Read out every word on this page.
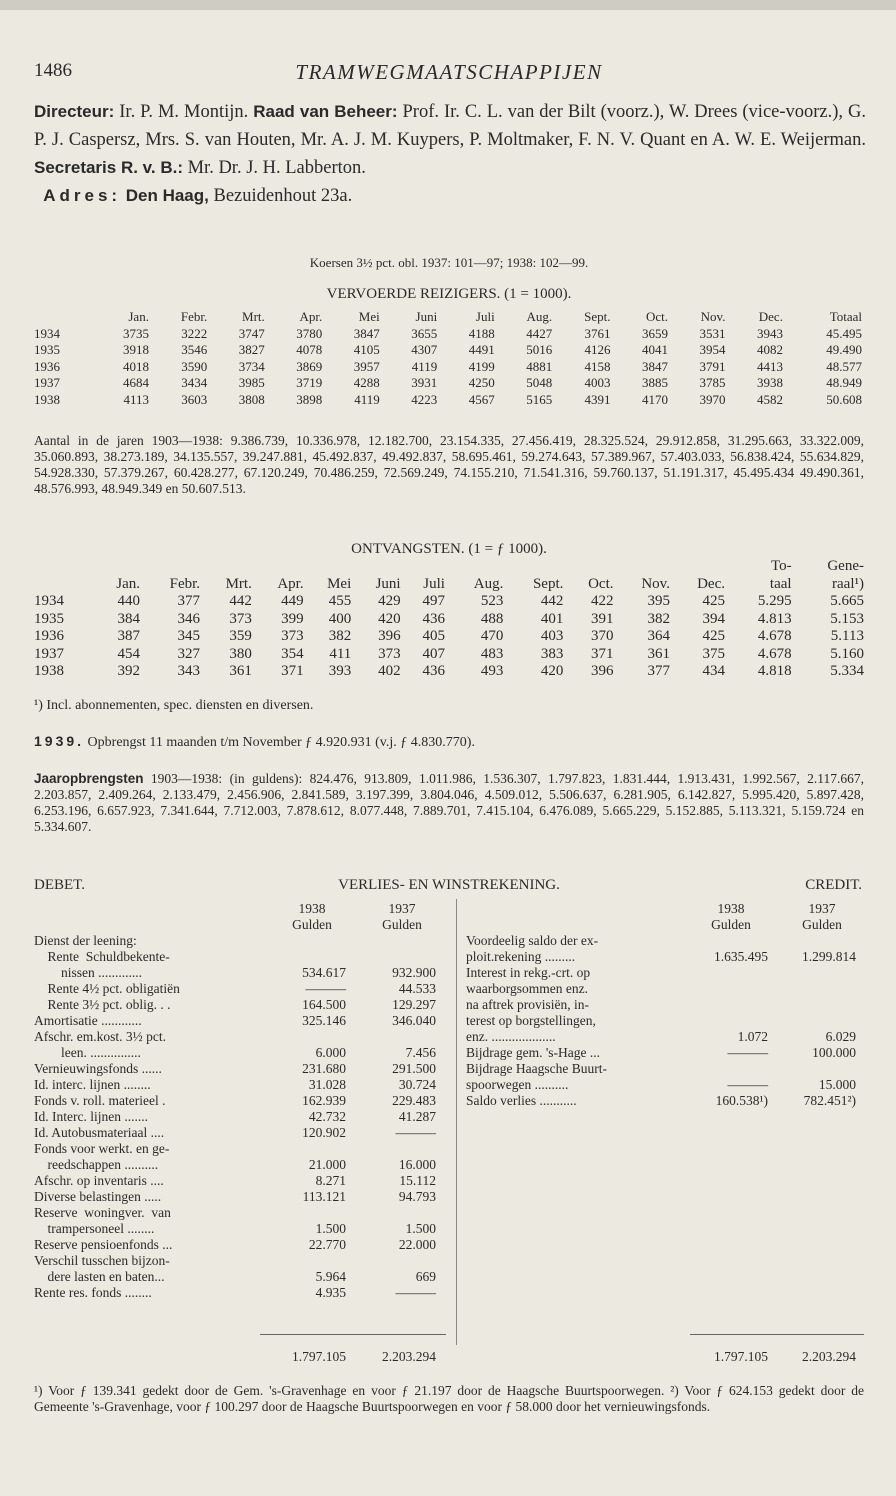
1486	TRAMWEGMAATSCHAPPIJEN
Directeur: Ir. P. M. Montijn. Raad van Beheer: Prof. Ir. C. L. van der Bilt (voorz.), W. Drees (vice-voorz.), G. P. J. Caspersz, Mrs. S. van Houten, Mr. A. J. M. Kuypers, P. Moltmaker, F. N. V. Quant en A. W. E. Weijerman. Secretaris R. v. B.: Mr. Dr. J. H. Labberton.
Adres: Den Haag, Bezuidenhout 23a.
Koersen 3½ pct. obl. 1937: 101—97; 1938: 102—99.
VERVOERDE REIZIGERS. (1 = 1000).
	Jan.	Febr.	Mrt.	Apr.	Mei	Juni	Juli	Aug.	Sept.	Oct.	Nov.	Dec.	Totaal
1934	3735	3222	3747	3780	3847	3655	4188	4427	3761	3659	3531	3943	45.495
1935	3918	3546	3827	4078	4105	4307	4491	5016	4126	4041	3954	4082	49.490
1936	4018	3590	3734	3869	3957	4119	4199	4881	4158	3847	3791	4413	48.577
1937	4684	3434	3985	3719	4288	3931	4250	5048	4003	3885	3785	3938	48.949
1938	4113	3603	3808	3898	4119	4223	4567	5165	4391	4170	3970	4582	50.608
Aantal in de jaren 1903—1938: 9.386.739, 10.336.978, 12.182.700, 23.154.335, 27.456.419, 28.325.524, 29.912.858, 31.295.663, 33.322.009, 35.060.893, 38.273.189, 34.135.557, 39.247.881, 45.492.837, 49.492.837, 58.695.461, 59.274.643, 57.389.967, 57.403.033, 56.838.424, 55.634.829, 54.928.330, 57.379.267, 60.428.277, 67.120.249, 70.486.259, 72.569.249, 74.155.210, 71.541.316, 59.760.137, 51.191.317, 45.495.434 49.490.361, 48.576.993, 48.949.349 en 50.607.513.
ONTVANGSTEN. (1 = ƒ 1000).
													To-	Gene-
	Jan.	Febr.	Mrt.	Apr.	Mei	Juni	Juli	Aug.	Sept.	Oct.	Nov.	Dec.	taal	raal¹)
1934	440	377	442	449	455	429	497	523	442	422	395	425	5.295	5.665
1935	384	346	373	399	400	420	436	488	401	391	382	394	4.813	5.153
1936	387	345	359	373	382	396	405	470	403	370	364	425	4.678	5.113
1937	454	327	380	354	411	373	407	483	383	371	361	375	4.678	5.160
1938	392	343	361	371	393	402	436	493	420	396	377	434	4.818	5.334
¹) Incl. abonnementen, spec. diensten en diversen.
1939. Opbrengst 11 maanden t/m November ƒ 4.920.931 (v.j. ƒ 4.830.770).
Jaaropbrengsten 1903—1938: (in guldens): 824.476, 913.809, 1.011.986, 1.536.307, 1.797.823, 1.831.444, 1.913.431, 1.992.567, 2.117.667, 2.203.857, 2.409.264, 2.133.479, 2.456.906, 2.841.589, 3.197.399, 3.804.046, 4.509.012, 5.506.637, 6.281.905, 6.142.827, 5.995.420, 5.897.428, 6.253.196, 6.657.923, 7.341.644, 7.712.003, 7.878.612, 8.077.448, 7.889.701, 7.415.104, 6.476.089, 5.665.229, 5.152.885, 5.113.321, 5.159.724 en 5.334.607.
DEBET.	VERLIES- EN WINSTREKENING.	CREDIT.
1938	1937
Gulden	Gulden
Dienst der leening:
Rente  Schuldbekente-
nissen .............	534.617	932.900
Rente 4½ pct. obligatiën	———	44.533
Rente 3½ pct. oblig. . .	164.500	129.297
Amortisatie ............	325.146	346.040
Afschr. em.kost. 3½ pct.
leen. ...............	6.000	7.456
Vernieuwingsfonds ......	231.680	291.500
Id. interc. lijnen ........	31.028	30.724
Fonds v. roll. materieel .	162.939	229.483
Id. Interc. lijnen .......	42.732	41.287
Id. Autobusmateriaal ....	120.902	———
Fonds voor werkt. en ge-
reedschappen ..........	21.000	16.000
Afschr. op inventaris ....	8.271	15.112
Diverse belastingen .....	113.121	94.793
Reserve  woningver.  van
trampersoneel ........	1.500	1.500
Reserve pensioenfonds ...	22.770	22.000
Verschil tusschen bijzon-
dere lasten en baten...	5.964	669
Rente res. fonds ........	4.935	———
1938	1937
Gulden	Gulden
Voordeelig saldo der ex-
ploit.rekening .........	1.635.495	1.299.814
Interest in rekg.-crt. op
waarborgsommen enz.
na aftrek provisiën, in-
terest op borgstellingen,
enz. ...................	1.072	6.029
Bijdrage gem. 's-Hage ...	———	100.000
Bijdrage Haagsche Buurt-
spoorwegen ..........	———	15.000
Saldo verlies ...........	160.538¹)	782.451²)
1.797.105	2.203.294	1.797.105	2.203.294
¹) Voor ƒ 139.341 gedekt door de Gem. 's-Gravenhage en voor ƒ 21.197 door de Haagsche Buurtspoorwegen. ²) Voor ƒ 624.153 gedekt door de Gemeente 's-Gravenhage, voor ƒ 100.297 door de Haagsche Buurtspoorwegen en voor ƒ 58.000 door het vernieuwingsfonds.
